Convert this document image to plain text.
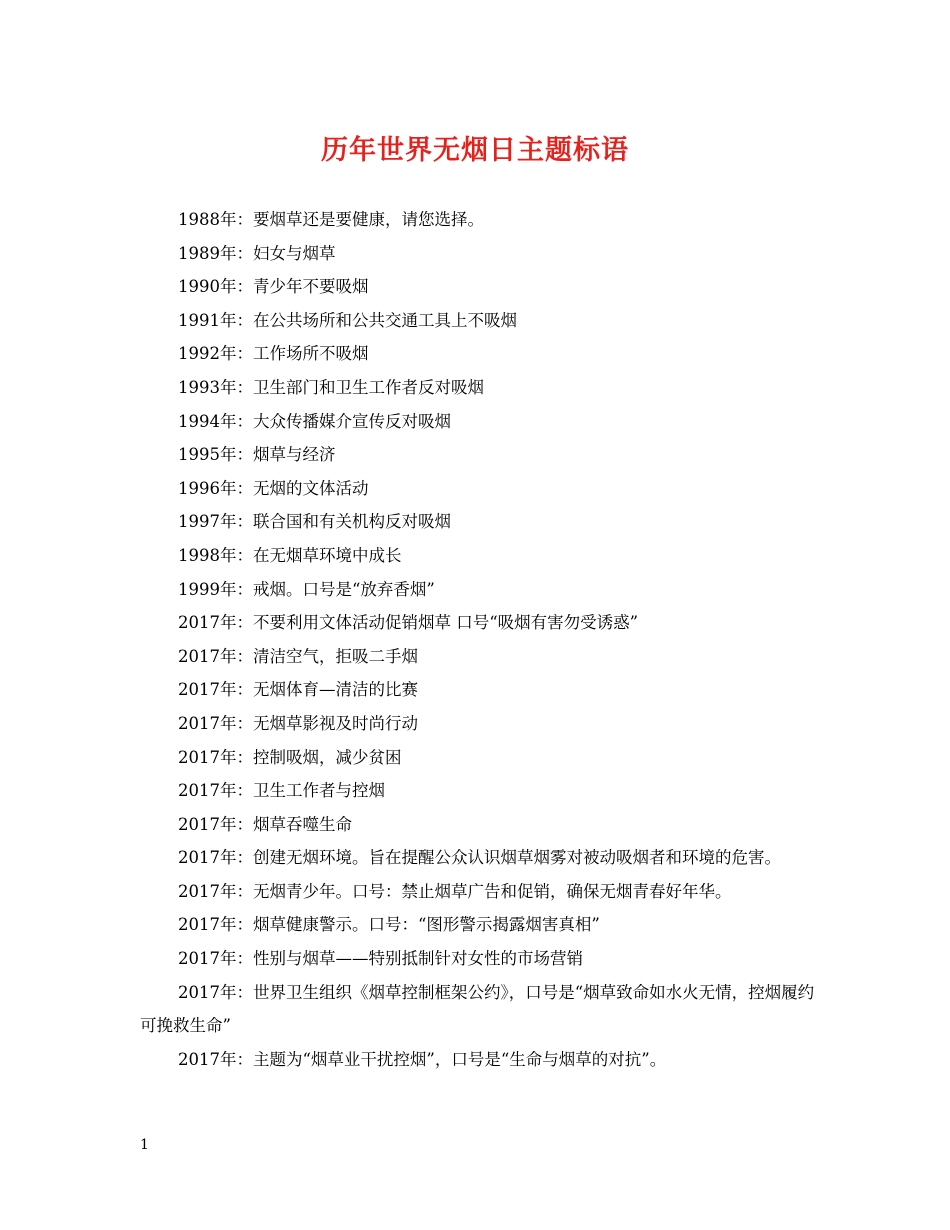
历年世界无烟日主题标语

1988年：要烟草还是要健康，请您选择。

1989年：妇女与烟草

1990年：青少年不要吸烟

1991年：在公共场所和公共交通工具上不吸烟

1992年：工作场所不吸烟

1993年：卫生部门和卫生工作者反对吸烟

1994年：大众传播媒介宣传反对吸烟

1995年：烟草与经济

1996年：无烟的文体活动

1997年：联合国和有关机构反对吸烟

1998年：在无烟草环境中成长

1999年：戒烟。口号是“放弃香烟”

2017年：不要利用文体活动促销烟草 口号“吸烟有害勿受诱惑”

2017年：清洁空气，拒吸二手烟

2017年：无烟体育—清洁的比赛

2017年：无烟草影视及时尚行动

2017年：控制吸烟，减少贫困

2017年：卫生工作者与控烟

2017年：烟草吞噬生命

2017年：创建无烟环境。旨在提醒公众认识烟草烟雾对被动吸烟者和环境的危害。

2017年：无烟青少年。口号：禁止烟草广告和促销，确保无烟青春好年华。

2017年：烟草健康警示。口号：“图形警示揭露烟害真相”

2017年：性别与烟草——特别抵制针对女性的市场营销

2017年：世界卫生组织《烟草控制框架公约》，口号是“烟草致命如水火无情，控烟履约可挽救生命”

2017年：主题为“烟草业干扰控烟”，口号是“生命与烟草的对抗”。

1
